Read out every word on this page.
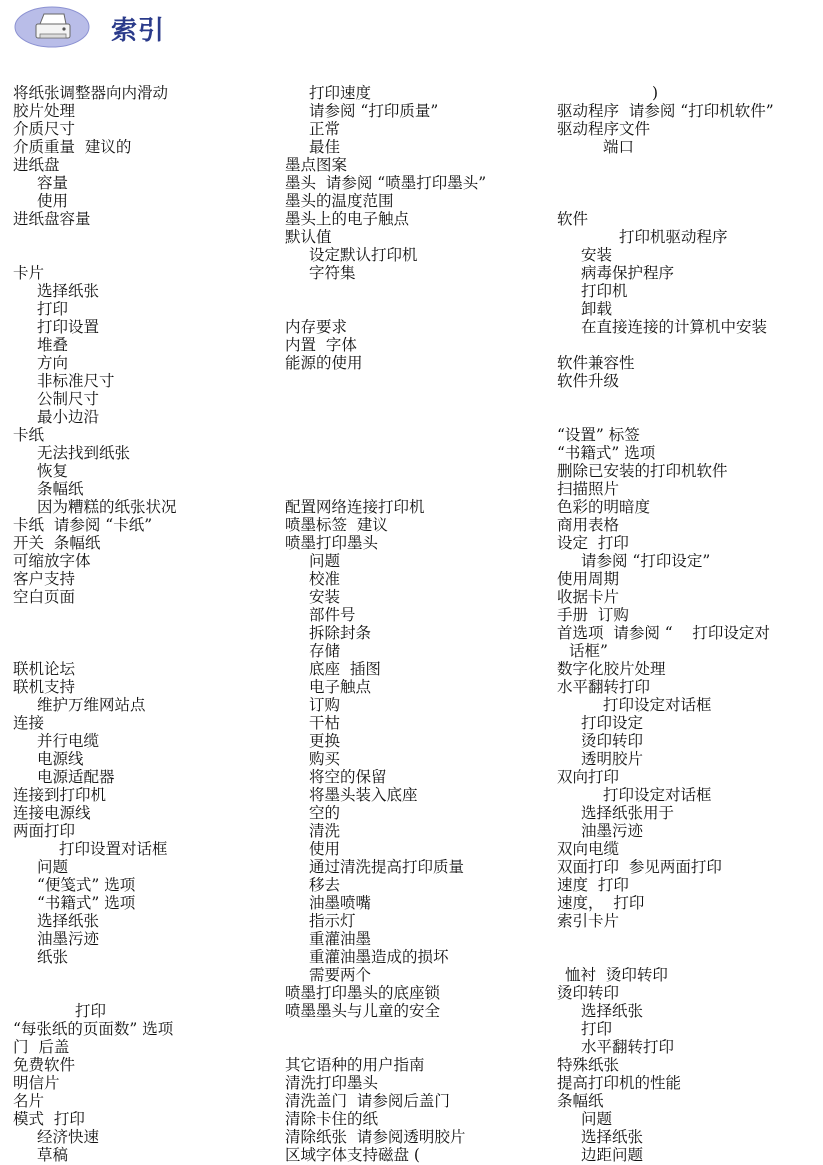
索引
将纸张调整器向内滑动
胶片处理
介质尺寸
介质重量  建议的
进纸盘
容量
使用
进纸盘容量
卡片
选择纸张
打印
打印设置
堆叠
方向
非标准尺寸
公制尺寸
最小边沿
卡纸
无法找到纸张
恢复
条幅纸
因为糟糕的纸张状况
卡纸  请参阅 “卡纸”
开关  条幅纸
可缩放字体
客户支持
空白页面
联机论坛
联机支持
维护万维网站点
连接
并行电缆
电源线
电源适配器
连接到打印机
连接电源线
两面打印
打印设置对话框
问题
“便笺式” 选项
“书籍式” 选项
选择纸张
油墨污迹
纸张
打印
“每张纸的页面数” 选项
门  后盖
免费软件
明信片
名片
模式  打印
经济快速
草稿
打印速度
请参阅 “打印质量”
正常
最佳
墨点图案
墨头  请参阅 “喷墨打印墨头”
墨头的温度范围
墨头上的电子触点
默认值
设定默认打印机
字符集
内存要求
内置  字体
能源的使用
配置网络连接打印机
喷墨标签  建议
喷墨打印墨头
问题
校准
安装
部件号
拆除封条
存储
底座  插图
电子触点
订购
干枯
更换
购买
将空的保留
将墨头装入底座
空的
清洗
使用
通过清洗提高打印质量
移去
油墨喷嘴
指示灯
重灌油墨
重灌油墨造成的损坏
需要两个
喷墨打印墨头的底座锁
喷墨墨头与儿童的安全
其它语种的用户指南
清洗打印墨头
清洗盖门  请参阅后盖门
清除卡住的纸
清除纸张  请参阅透明胶片
区域字体支持磁盘 (
)
驱动程序  请参阅 “打印机软件”
驱动程序文件
端口
软件
打印机驱动程序
安装
病毒保护程序
打印机
卸载
在直接连接的计算机中安装
软件兼容性
软件升级
“设置” 标签
“书籍式” 选项
删除已安装的打印机软件
扫描照片
色彩的明暗度
商用表格
设定  打印
请参阅 “打印设定”
使用周期
收据卡片
手册  订购
首选项  请参阅 “    打印设定对
话框”
数字化胶片处理
水平翻转打印
打印设定对话框
打印设定
烫印转印
透明胶片
双向打印
打印设定对话框
选择纸张用于
油墨污迹
双向电缆
双面打印  参见两面打印
速度  打印
速度，  打印
索引卡片
恤衬  烫印转印
烫印转印
选择纸张
打印
水平翻转打印
特殊纸张
提高打印机的性能
条幅纸
问题
选择纸张
边距问题
